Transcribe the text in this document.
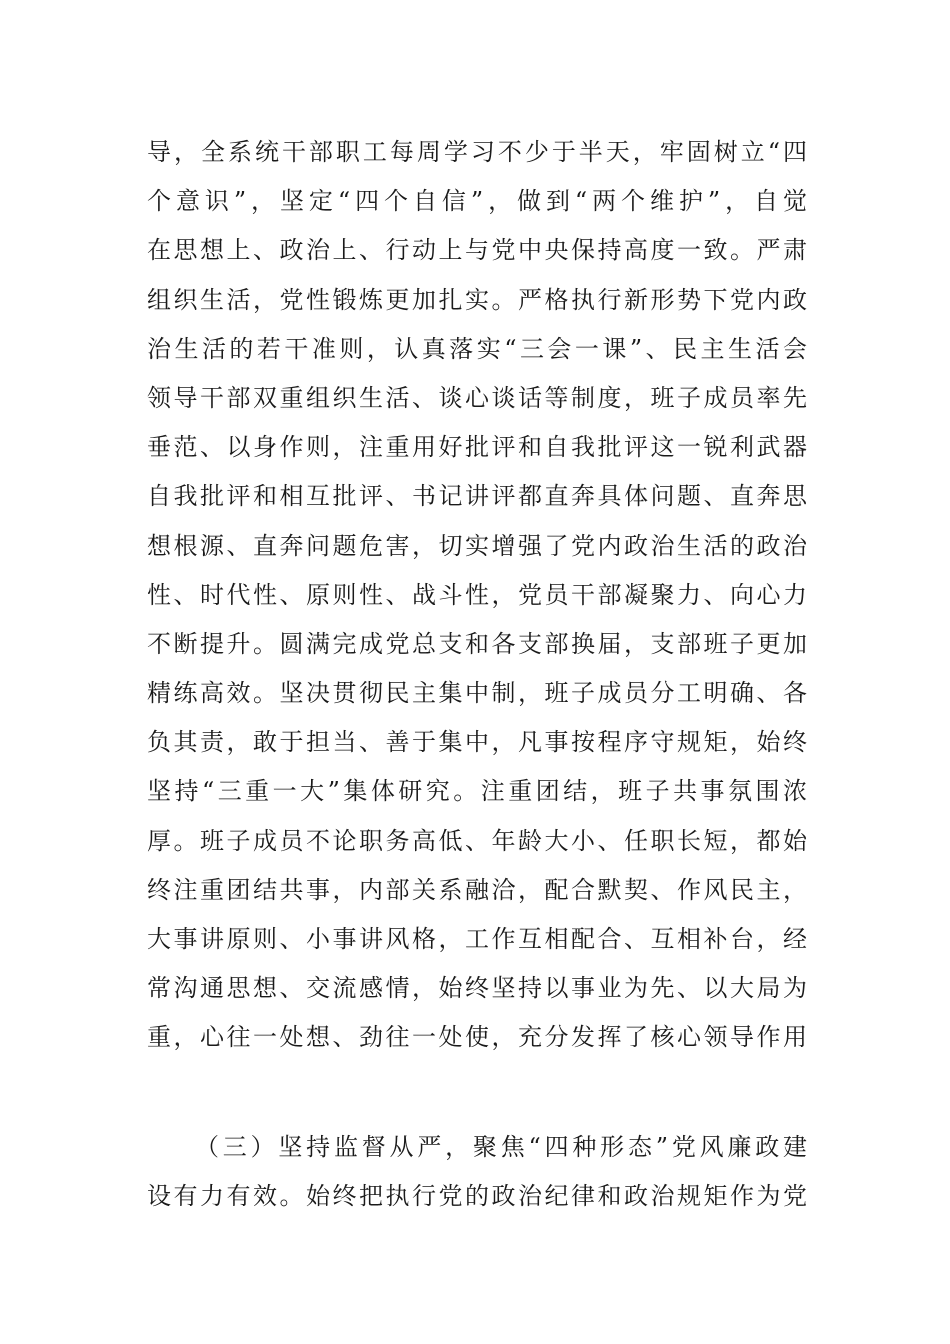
导，全系统干部职工每周学习不少于半天，牢固树立“四
个意识”，坚定“四个自信”，做到“两个维护”，自觉
在思想上、政治上、行动上与党中央保持高度一致。严肃
组织生活，党性锻炼更加扎实。严格执行新形势下党内政
治生活的若干准则，认真落实“三会一课”、民主生活会
领导干部双重组织生活、谈心谈话等制度，班子成员率先
垂范、以身作则，注重用好批评和自我批评这一锐利武器
自我批评和相互批评、书记讲评都直奔具体问题、直奔思
想根源、直奔问题危害，切实增强了党内政治生活的政治
性、时代性、原则性、战斗性，党员干部凝聚力、向心力
不断提升。圆满完成党总支和各支部换届，支部班子更加
精练高效。坚决贯彻民主集中制，班子成员分工明确、各
负其责，敢于担当、善于集中，凡事按程序守规矩，始终
坚持“三重一大”集体研究。注重团结，班子共事氛围浓
厚。班子成员不论职务高低、年龄大小、任职长短，都始
终注重团结共事，内部关系融洽，配合默契、作风民主，
大事讲原则、小事讲风格，工作互相配合、互相补台，经
常沟通思想、交流感情，始终坚持以事业为先、以大局为
重，心往一处想、劲往一处使，充分发挥了核心领导作用
（三）坚持监督从严，聚焦“四种形态”党风廉政建
设有力有效。始终把执行党的政治纪律和政治规矩作为党
